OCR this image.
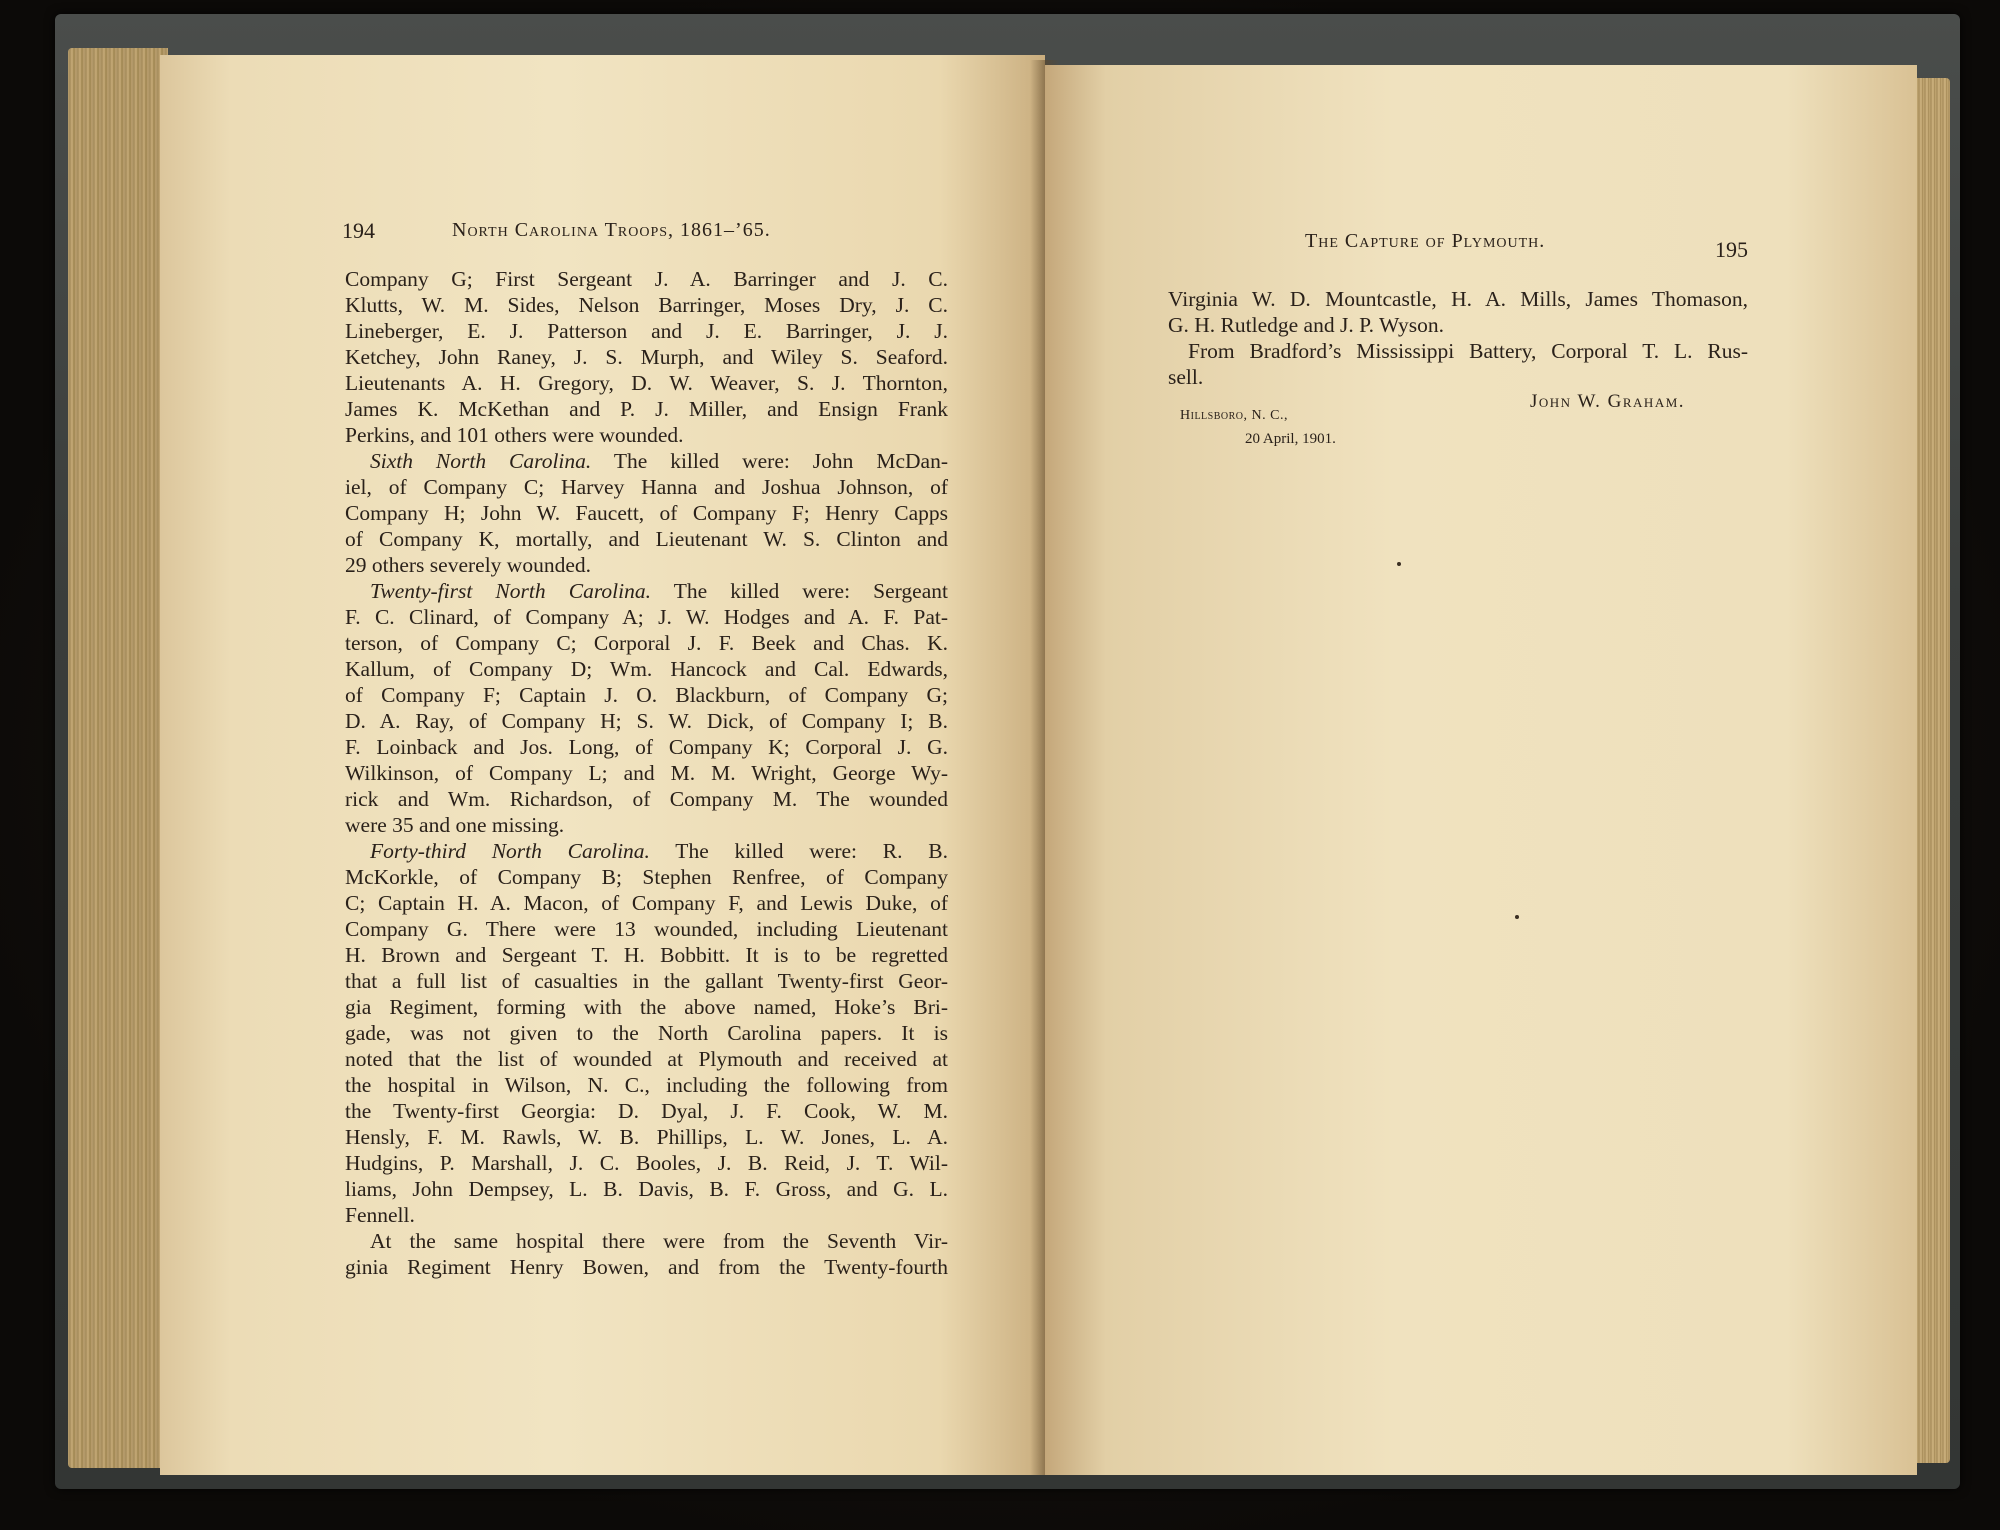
194	North Carolina Troops, 1861–’65.
Company G; First Sergeant J. A. Barringer and J. C.
Klutts, W. M. Sides, Nelson Barringer, Moses Dry, J. C.
Lineberger, E. J. Patterson and J. E. Barringer, J. J.
Ketchey, John Raney, J. S. Murph, and Wiley S. Seaford.
Lieutenants A. H. Gregory, D. W. Weaver, S. J. Thornton,
James K. McKethan and P. J. Miller, and Ensign Frank
Perkins, and 101 others were wounded.
Sixth North Carolina. The killed were: John McDan-
iel, of Company C; Harvey Hanna and Joshua Johnson, of
Company H; John W. Faucett, of Company F; Henry Capps
of Company K, mortally, and Lieutenant W. S. Clinton and
29 others severely wounded.
Twenty-first North Carolina. The killed were: Sergeant
F. C. Clinard, of Company A; J. W. Hodges and A. F. Pat-
terson, of Company C; Corporal J. F. Beek and Chas. K.
Kallum, of Company D; Wm. Hancock and Cal. Edwards,
of Company F; Captain J. O. Blackburn, of Company G;
D. A. Ray, of Company H; S. W. Dick, of Company I; B.
F. Loinback and Jos. Long, of Company K; Corporal J. G.
Wilkinson, of Company L; and M. M. Wright, George Wy-
rick and Wm. Richardson, of Company M. The wounded
were 35 and one missing.
Forty-third North Carolina. The killed were: R. B.
McKorkle, of Company B; Stephen Renfree, of Company
C; Captain H. A. Macon, of Company F, and Lewis Duke, of
Company G. There were 13 wounded, including Lieutenant
H. Brown and Sergeant T. H. Bobbitt. It is to be regretted
that a full list of casualties in the gallant Twenty-first Geor-
gia Regiment, forming with the above named, Hoke’s Bri-
gade, was not given to the North Carolina papers. It is
noted that the list of wounded at Plymouth and received at
the hospital in Wilson, N. C., including the following from
the Twenty-first Georgia: D. Dyal, J. F. Cook, W. M.
Hensly, F. M. Rawls, W. B. Phillips, L. W. Jones, L. A.
Hudgins, P. Marshall, J. C. Booles, J. B. Reid, J. T. Wil-
liams, John Dempsey, L. B. Davis, B. F. Gross, and G. L.
Fennell.
At the same hospital there were from the Seventh Vir-
ginia Regiment Henry Bowen, and from the Twenty-fourth
The Capture of Plymouth.	195
Virginia W. D. Mountcastle, H. A. Mills, James Thomason,
G. H. Rutledge and J. P. Wyson.
From Bradford’s Mississippi Battery, Corporal T. L. Rus-
sell.
John W. Graham.
Hillsboro, N. C.,
20 April, 1901.
